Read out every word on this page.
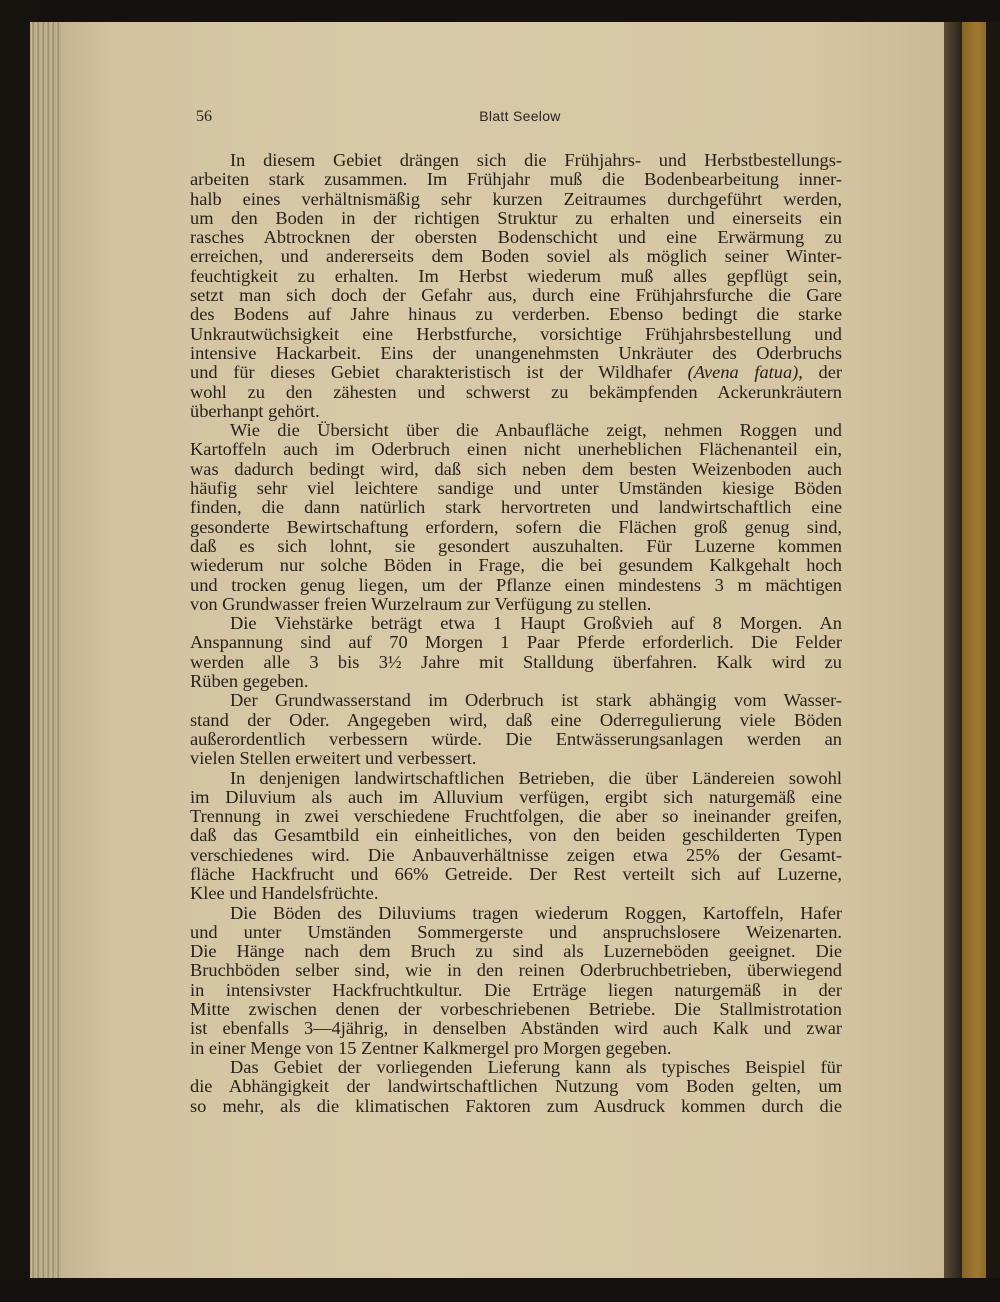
56	Blatt Seelow
In diesem Gebiet drängen sich die Frühjahrs- und Herbstbestellungs-
arbeiten stark zusammen. Im Frühjahr muß die Bodenbearbeitung inner-
halb eines verhältnismäßig sehr kurzen Zeitraumes durchgeführt werden,
um den Boden in der richtigen Struktur zu erhalten und einerseits ein
rasches Abtrocknen der obersten Bodenschicht und eine Erwärmung zu
erreichen, und andererseits dem Boden soviel als möglich seiner Winter-
feuchtigkeit zu erhalten. Im Herbst wiederum muß alles gepflügt sein,
setzt man sich doch der Gefahr aus, durch eine Frühjahrsfurche die Gare
des Bodens auf Jahre hinaus zu verderben. Ebenso bedingt die starke
Unkrautwüchsigkeit eine Herbstfurche, vorsichtige Frühjahrsbestellung und
intensive Hackarbeit. Eins der unangenehmsten Unkräuter des Oderbruchs
und für dieses Gebiet charakteristisch ist der Wildhafer (Avena fatua), der
wohl zu den zähesten und schwerst zu bekämpfenden Ackerunkräutern
überhanpt gehört.
Wie die Übersicht über die Anbaufläche zeigt, nehmen Roggen und
Kartoffeln auch im Oderbruch einen nicht unerheblichen Flächenanteil ein,
was dadurch bedingt wird, daß sich neben dem besten Weizenboden auch
häufig sehr viel leichtere sandige und unter Umständen kiesige Böden
finden, die dann natürlich stark hervortreten und landwirtschaftlich eine
gesonderte Bewirtschaftung erfordern, sofern die Flächen groß genug sind,
daß es sich lohnt, sie gesondert auszuhalten. Für Luzerne kommen
wiederum nur solche Böden in Frage, die bei gesundem Kalkgehalt hoch
und trocken genug liegen, um der Pflanze einen mindestens 3 m mächtigen
von Grundwasser freien Wurzelraum zur Verfügung zu stellen.
Die Viehstärke beträgt etwa 1 Haupt Großvieh auf 8 Morgen. An
Anspannung sind auf 70 Morgen 1 Paar Pferde erforderlich. Die Felder
werden alle 3 bis 3½ Jahre mit Stalldung überfahren. Kalk wird zu
Rüben gegeben.
Der Grundwasserstand im Oderbruch ist stark abhängig vom Wasser-
stand der Oder. Angegeben wird, daß eine Oderregulierung viele Böden
außerordentlich verbessern würde. Die Entwässerungsanlagen werden an
vielen Stellen erweitert und verbessert.
In denjenigen landwirtschaftlichen Betrieben, die über Ländereien sowohl
im Diluvium als auch im Alluvium verfügen, ergibt sich naturgemäß eine
Trennung in zwei verschiedene Fruchtfolgen, die aber so ineinander greifen,
daß das Gesamtbild ein einheitliches, von den beiden geschilderten Typen
verschiedenes wird. Die Anbauverhältnisse zeigen etwa 25% der Gesamt-
fläche Hackfrucht und 66% Getreide. Der Rest verteilt sich auf Luzerne,
Klee und Handelsfrüchte.
Die Böden des Diluviums tragen wiederum Roggen, Kartoffeln, Hafer
und unter Umständen Sommergerste und anspruchslosere Weizenarten.
Die Hänge nach dem Bruch zu sind als Luzerneböden geeignet. Die
Bruchböden selber sind, wie in den reinen Oderbruchbetrieben, überwiegend
in intensivster Hackfruchtkultur. Die Erträge liegen naturgemäß in der
Mitte zwischen denen der vorbeschriebenen Betriebe. Die Stallmistrotation
ist ebenfalls 3—4jährig, in denselben Abständen wird auch Kalk und zwar
in einer Menge von 15 Zentner Kalkmergel pro Morgen gegeben.
Das Gebiet der vorliegenden Lieferung kann als typisches Beispiel für
die Abhängigkeit der landwirtschaftlichen Nutzung vom Boden gelten, um
so mehr, als die klimatischen Faktoren zum Ausdruck kommen durch die
